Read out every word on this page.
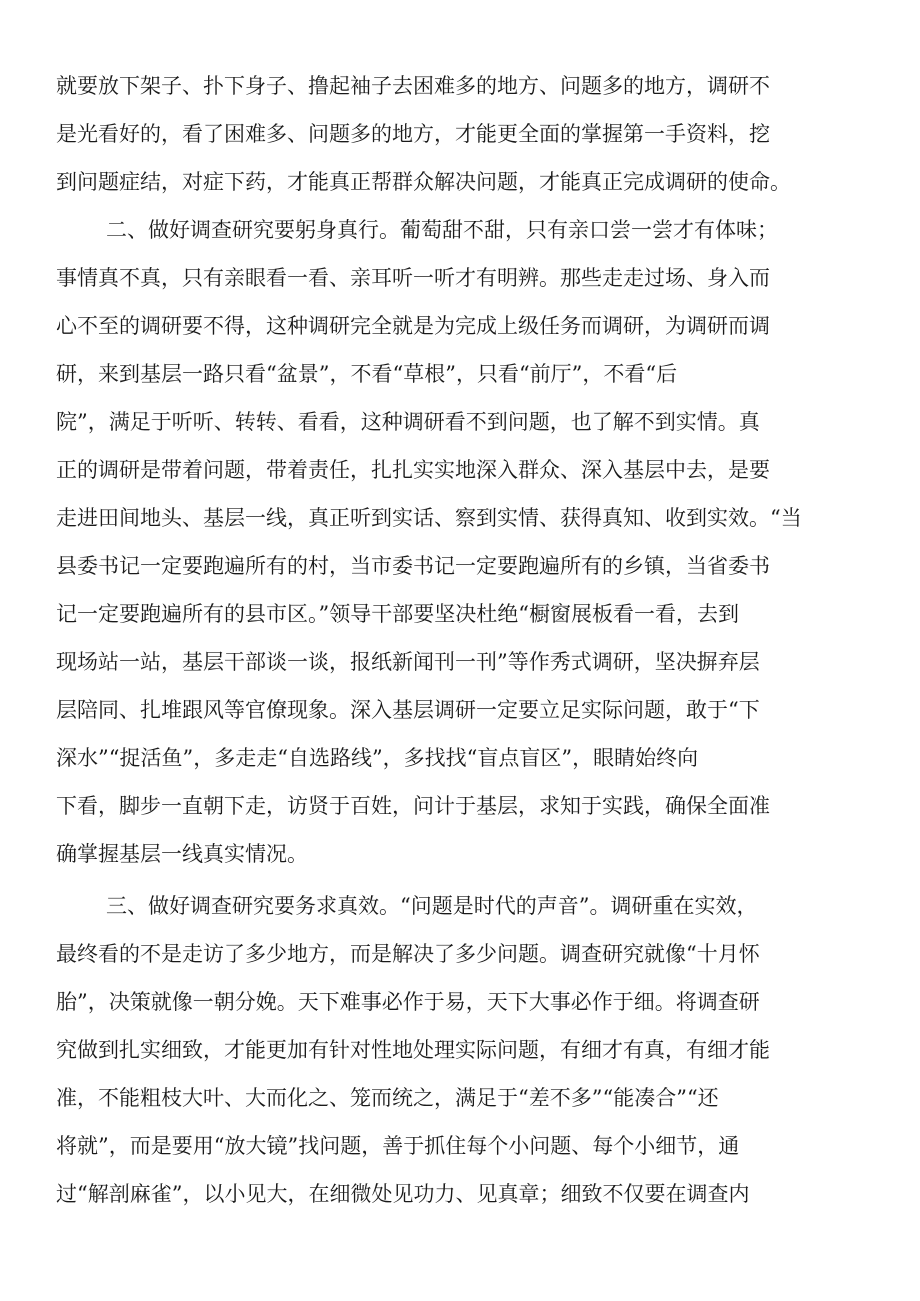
就要放下架子、扑下身子、撸起袖子去困难多的地方、问题多的地方，调研不
是光看好的，看了困难多、问题多的地方，才能更全面的掌握第一手资料，挖
到问题症结，对症下药，才能真正帮群众解决问题，才能真正完成调研的使命。
二、做好调查研究要躬身真行。葡萄甜不甜，只有亲口尝一尝才有体味；
事情真不真，只有亲眼看一看、亲耳听一听才有明辨。那些走走过场、身入而
心不至的调研要不得，这种调研完全就是为完成上级任务而调研，为调研而调
研，来到基层一路只看“盆景”，不看“草根”，只看“前厅”，不看“后
院”，满足于听听、转转、看看，这种调研看不到问题，也了解不到实情。真
正的调研是带着问题，带着责任，扎扎实实地深入群众、深入基层中去，是要
走进田间地头、基层一线，真正听到实话、察到实情、获得真知、收到实效。“当
县委书记一定要跑遍所有的村，当市委书记一定要跑遍所有的乡镇，当省委书
记一定要跑遍所有的县市区。”领导干部要坚决杜绝“橱窗展板看一看，去到
现场站一站，基层干部谈一谈，报纸新闻刊一刊”等作秀式调研，坚决摒弃层
层陪同、扎堆跟风等官僚现象。深入基层调研一定要立足实际问题，敢于“下
深水”“捉活鱼”，多走走“自选路线”，多找找“盲点盲区”，眼睛始终向
下看，脚步一直朝下走，访贤于百姓，问计于基层，求知于实践，确保全面准
确掌握基层一线真实情况。
三、做好调查研究要务求真效。“问题是时代的声音”。调研重在实效，
最终看的不是走访了多少地方，而是解决了多少问题。调查研究就像“十月怀
胎”，决策就像一朝分娩。天下难事必作于易，天下大事必作于细。将调查研
究做到扎实细致，才能更加有针对性地处理实际问题，有细才有真，有细才能
准，不能粗枝大叶、大而化之、笼而统之，满足于“差不多”“能凑合”“还
将就”，而是要用“放大镜”找问题，善于抓住每个小问题、每个小细节，通
过“解剖麻雀”，以小见大，在细微处见功力、见真章；细致不仅要在调查内
